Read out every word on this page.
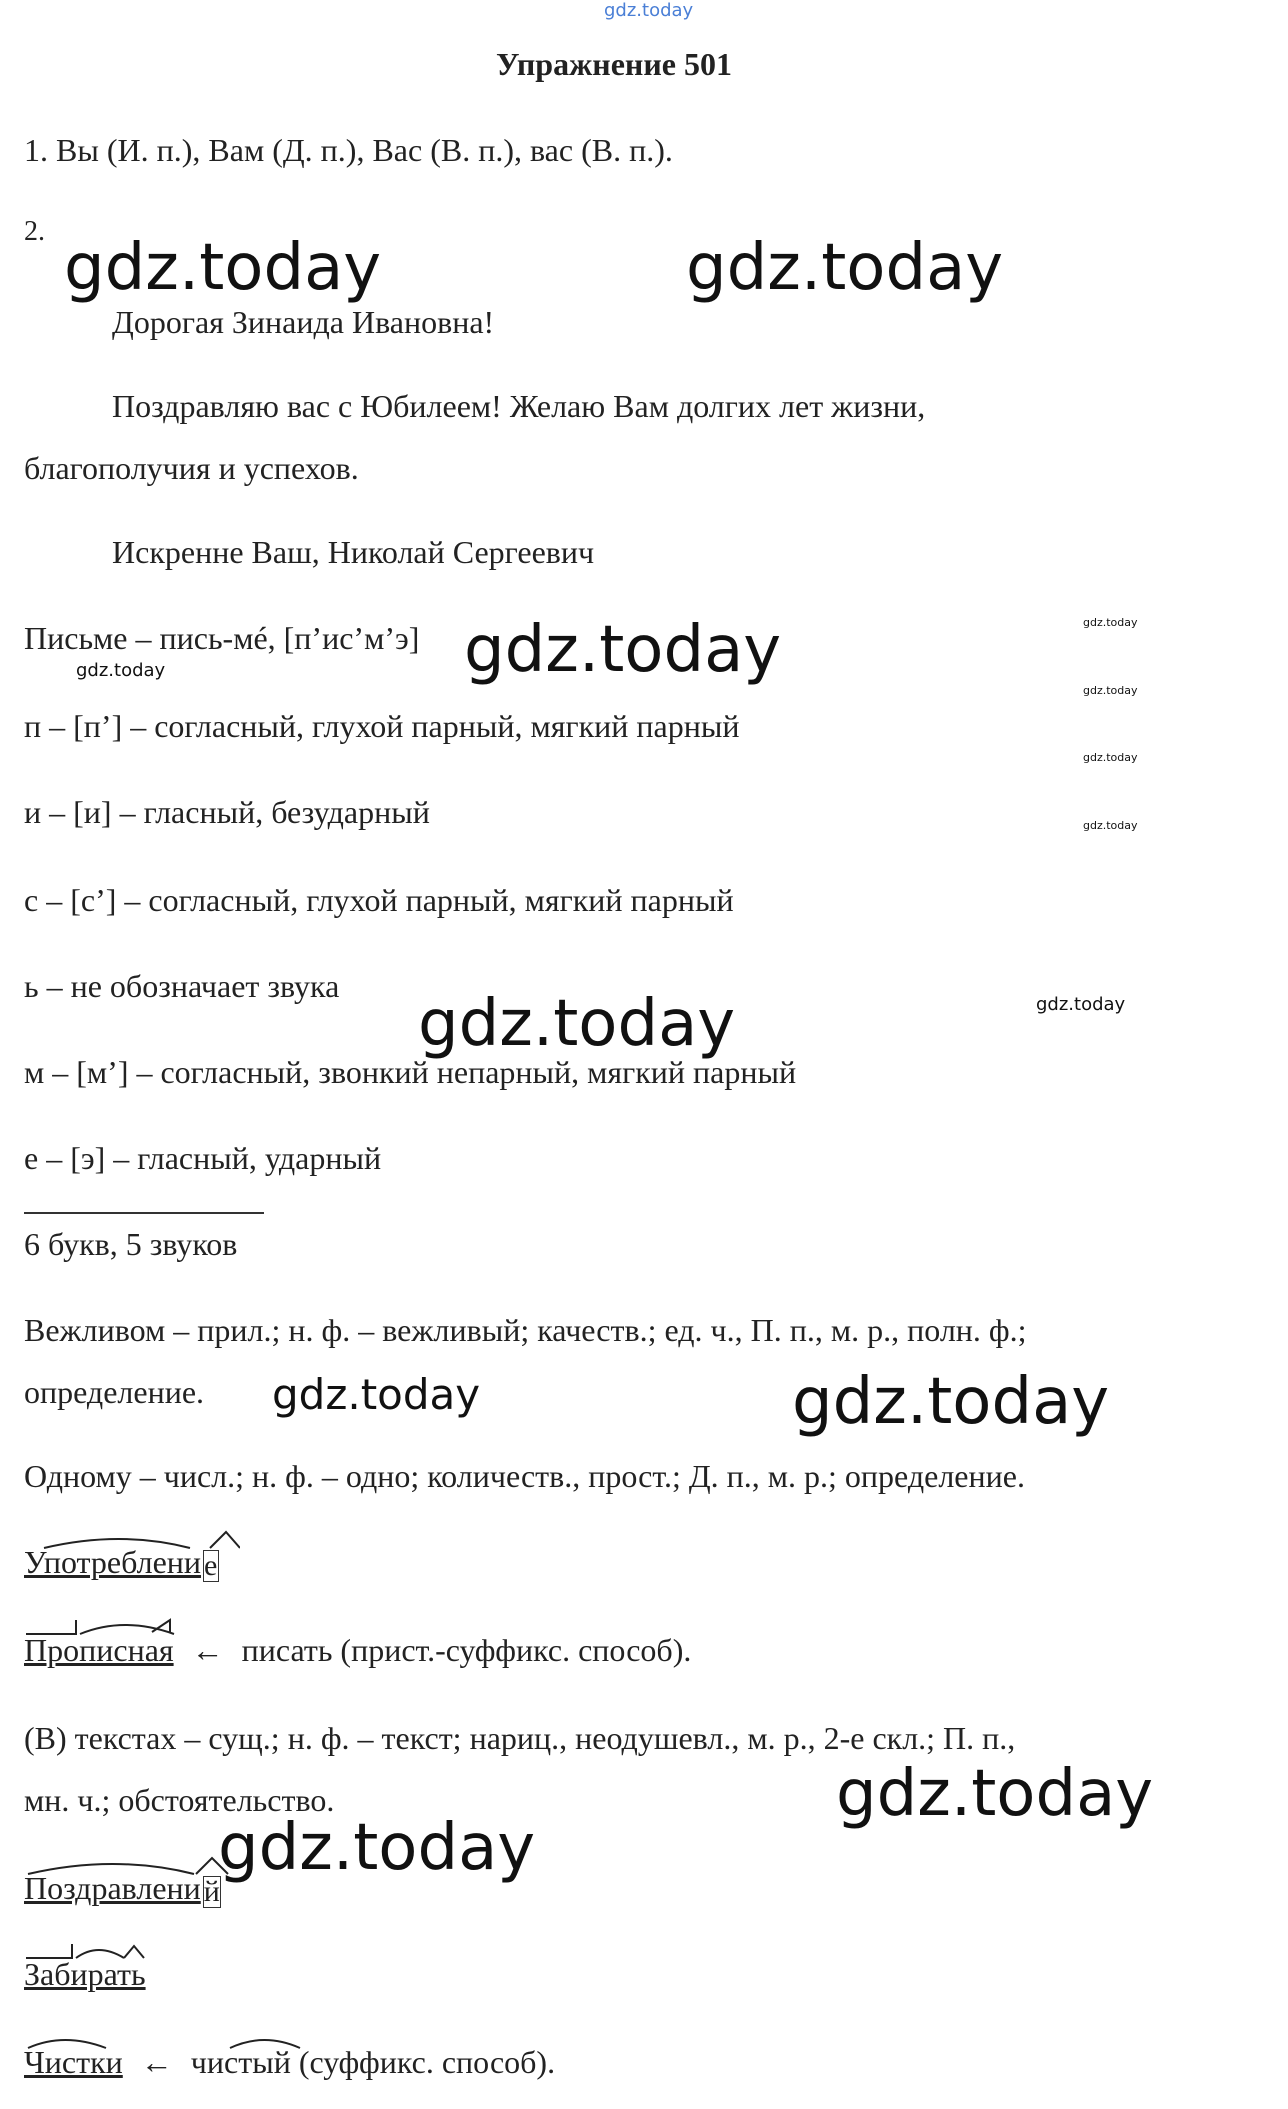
gdz.today
gdz.today	gdz.today
gdz.today
gdz.today
gdz.today
gdz.today
gdz.today
gdz.today
gdz.today
gdz.today
gdz.today	gdz.today
gdz.today
gdz.today
Упражнение 501
1. Вы (И. п.), Вам (Д. п.), Вас (В. п.), вас (В. п.).
2.
Дорогая Зинаида Ивановна!
Поздравляю вас с Юбилеем! Желаю Вам долгих лет жизни,
благополучия и успехов.
Искренне Ваш, Николай Сергеевич
Письме – пись-мé, [п’ис’м’э]
п – [п’] – согласный, глухой парный, мягкий парный
и – [и] – гласный, безударный
с – [с’] – согласный, глухой парный, мягкий парный
ь – не обозначает звука
м – [м’] – согласный, звонкий непарный, мягкий парный
е – [э] – гласный, ударный
6 букв, 5 звуков
Вежливом – прил.; н. ф. – вежливый; качеств.; ед. ч., П. п., м. р., полн. ф.;
определение.
Одному – числ.; н. ф. – одно; количеств., прост.; Д. п., м. р.; определение.
Употреблени е
Прописная ← писать (прист.-суффикс. способ).
(В) текстах – сущ.; н. ф. – текст; нариц., неодушевл., м. р., 2-е скл.; П. п.,
мн. ч.; обстоятельство.
Поздравлени й
Забирать
Чистки ← чистый (суффикс. способ).
